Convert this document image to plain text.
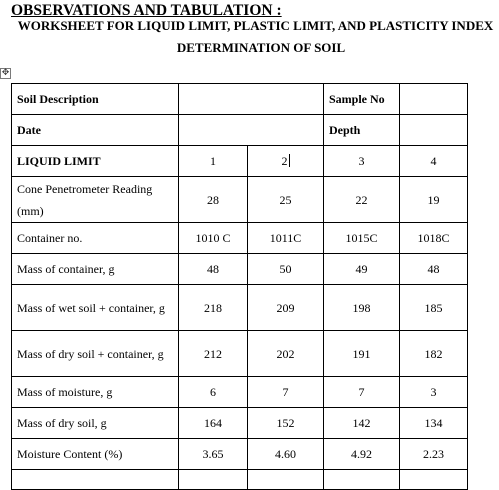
OBSERVATIONS AND TABULATION :
WORKSHEET FOR LIQUID LIMIT, PLASTIC LIMIT, AND PLASTICITY INDEX
DETERMINATION OF SOIL
✥
Soil Description			Sample No	
Date			Depth	
LIQUID LIMIT	1	2	3	4
Cone Penetrometer Reading (mm)	28	25	22	19
Container no.	1010 C	1011C	1015C	1018C
Mass of container, g	48	50	49	48
Mass of wet soil + container, g	218	209	198	185
Mass of dry soil + container, g	212	202	191	182
Mass of moisture, g	6	7	7	3
Mass of dry soil, g	164	152	142	134
Moisture Content (%)	3.65	4.60	4.92	2.23
